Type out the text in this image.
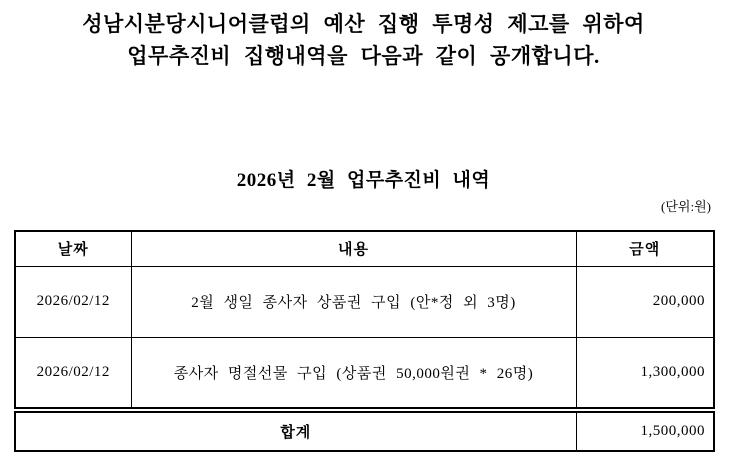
성남시분당시니어클럽의 예산 집행 투명성 제고를 위하여
업무추진비 집행내역을 다음과 같이 공개합니다.
2026년 2월 업무추진비 내역
(단위:원)
날짜	내용	금액
2026/02/12	2월 생일 종사자 상품권 구입 (안*정 외 3명)	200,000
2026/02/12	종사자 명절선물 구입 (상품권 50,000원권 * 26명)	1,300,000
합계	1,500,000
